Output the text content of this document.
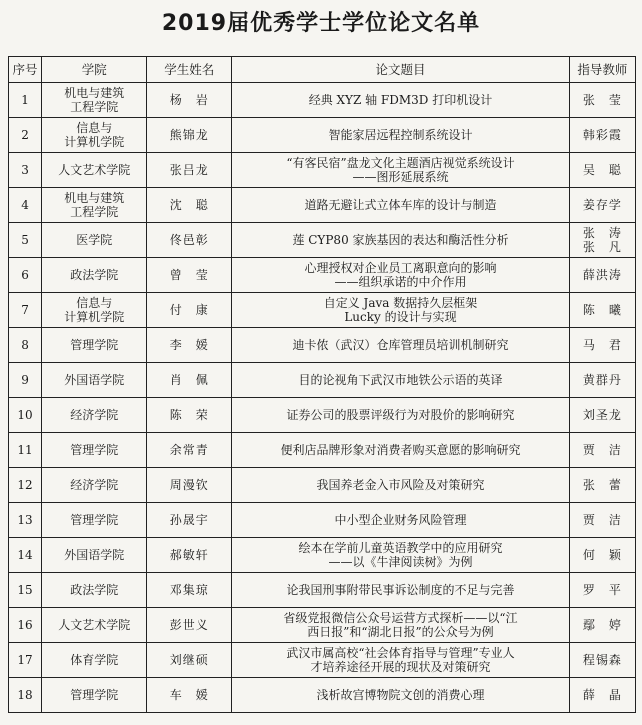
2019届优秀学士学位论文名单
序号	学院	学生姓名	论文题目	指导教师
1	机电与建筑
工程学院	杨　岩	经典 XYZ 轴 FDM3D 打印机设计	张　莹

2	信息与
计算机学院	熊锦龙	智能家居远程控制系统设计	韩彩霞

3	人文艺术学院	张吕龙	“有客民宿”盘龙文化主题酒店视觉系统设计
——图形延展系统	吴　聪

4	机电与建筑
工程学院	沈　聪	道路无避让式立体车库的设计与制造	姜存学

5	医学院	佟邑彰	莲 CYP80 家族基因的表达和酶活性分析	张　涛
张　凡

6	政法学院	曾　莹	心理授权对企业员工离职意向的影响
——组织承诺的中介作用	薛洪涛

7	信息与
计算机学院	付　康	自定义 Java 数据持久层框架
Lucky 的设计与实现	陈　曦

8	管理学院	李　媛	迪卡侬（武汉）仓库管理员培训机制研究	马　君

9	外国语学院	肖　佩	目的论视角下武汉市地铁公示语的英译	黄群丹

10	经济学院	陈　荣	证券公司的股票评级行为对股价的影响研究	刘圣龙

11	管理学院	余常青	便利店品牌形象对消费者购买意愿的影响研究	贾　洁

12	经济学院	周漫钦	我国养老金入市风险及对策研究	张　蕾

13	管理学院	孙晟宇	中小型企业财务风险管理	贾　洁

14	外国语学院	郝敏轩	绘本在学前儿童英语教学中的应用研究
——以《牛津阅读树》为例	何　颖

15	政法学院	邓集琼	论我国刑事附带民事诉讼制度的不足与完善	罗　平

16	人文艺术学院	彭世义	省级党报微信公众号运营方式探析——以“江
西日报”和“湖北日报”的公众号为例	鄢　婷

17	体育学院	刘继硕	武汉市属高校“社会体育指导与管理”专业人
才培养途径开展的现状及对策研究	程锡森

18	管理学院	车　媛	浅析故宫博物院文创的消费心理	薛　晶
